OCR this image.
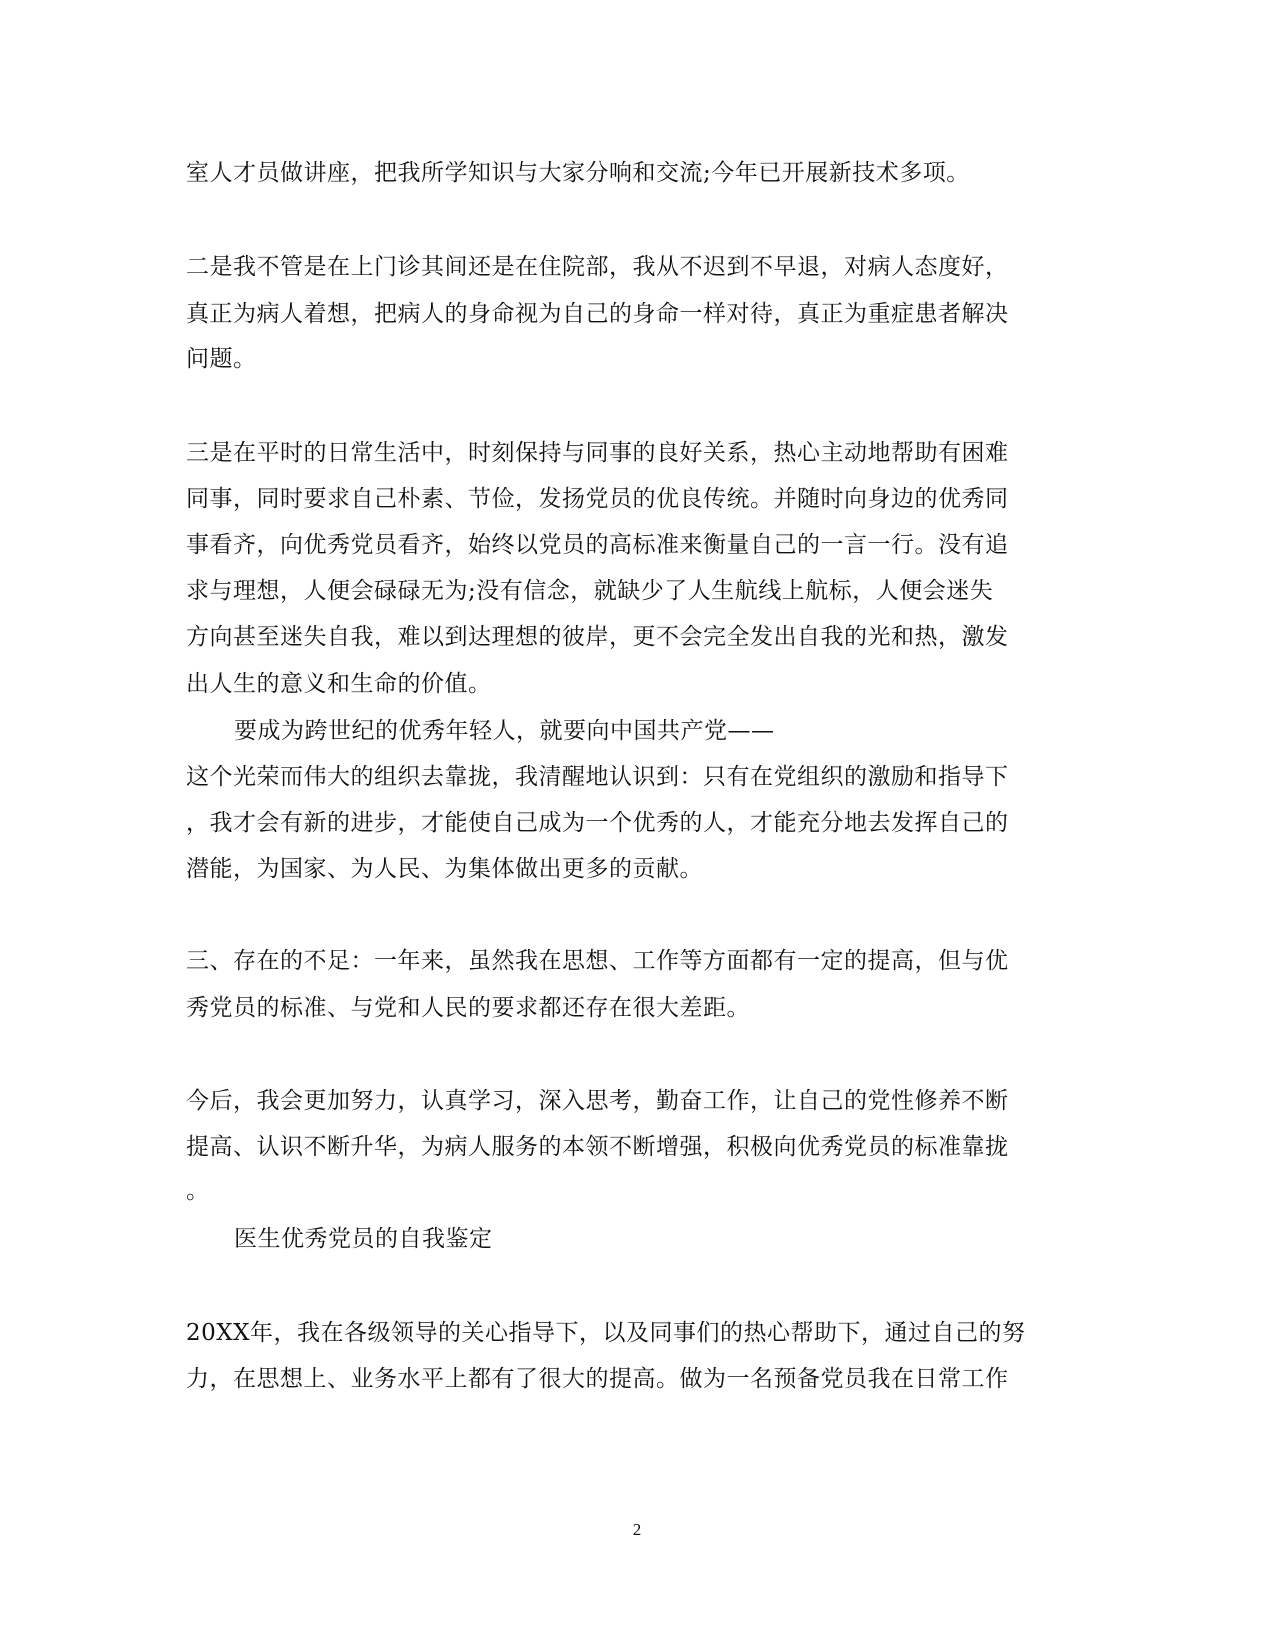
室人才员做讲座，把我所学知识与大家分响和交流;今年已开展新技术多项。
二是我不管是在上门诊其间还是在住院部，我从不迟到不早退，对病人态度好，
真正为病人着想，把病人的身命视为自己的身命一样对待，真正为重症患者解决
问题。
三是在平时的日常生活中，时刻保持与同事的良好关系，热心主动地帮助有困难
同事，同时要求自己朴素、节俭，发扬党员的优良传统。并随时向身边的优秀同
事看齐，向优秀党员看齐，始终以党员的高标准来衡量自己的一言一行。没有追
求与理想，人便会碌碌无为;没有信念，就缺少了人生航线上航标，人便会迷失
方向甚至迷失自我，难以到达理想的彼岸，更不会完全发出自我的光和热，激发
出人生的意义和生命的价值。
要成为跨世纪的优秀年轻人，就要向中国共产党——
这个光荣而伟大的组织去靠拢，我清醒地认识到：只有在党组织的激励和指导下
，我才会有新的进步，才能使自己成为一个优秀的人，才能充分地去发挥自己的
潜能，为国家、为人民、为集体做出更多的贡献。
三、存在的不足：一年来，虽然我在思想、工作等方面都有一定的提高，但与优
秀党员的标准、与党和人民的要求都还存在很大差距。
今后，我会更加努力，认真学习，深入思考，勤奋工作，让自己的党性修养不断
提高、认识不断升华，为病人服务的本领不断增强，积极向优秀党员的标准靠拢
。
医生优秀党员的自我鉴定
20XX年，我在各级领导的关心指导下，以及同事们的热心帮助下，通过自己的努
力，在思想上、业务水平上都有了很大的提高。做为一名预备党员我在日常工作
2
